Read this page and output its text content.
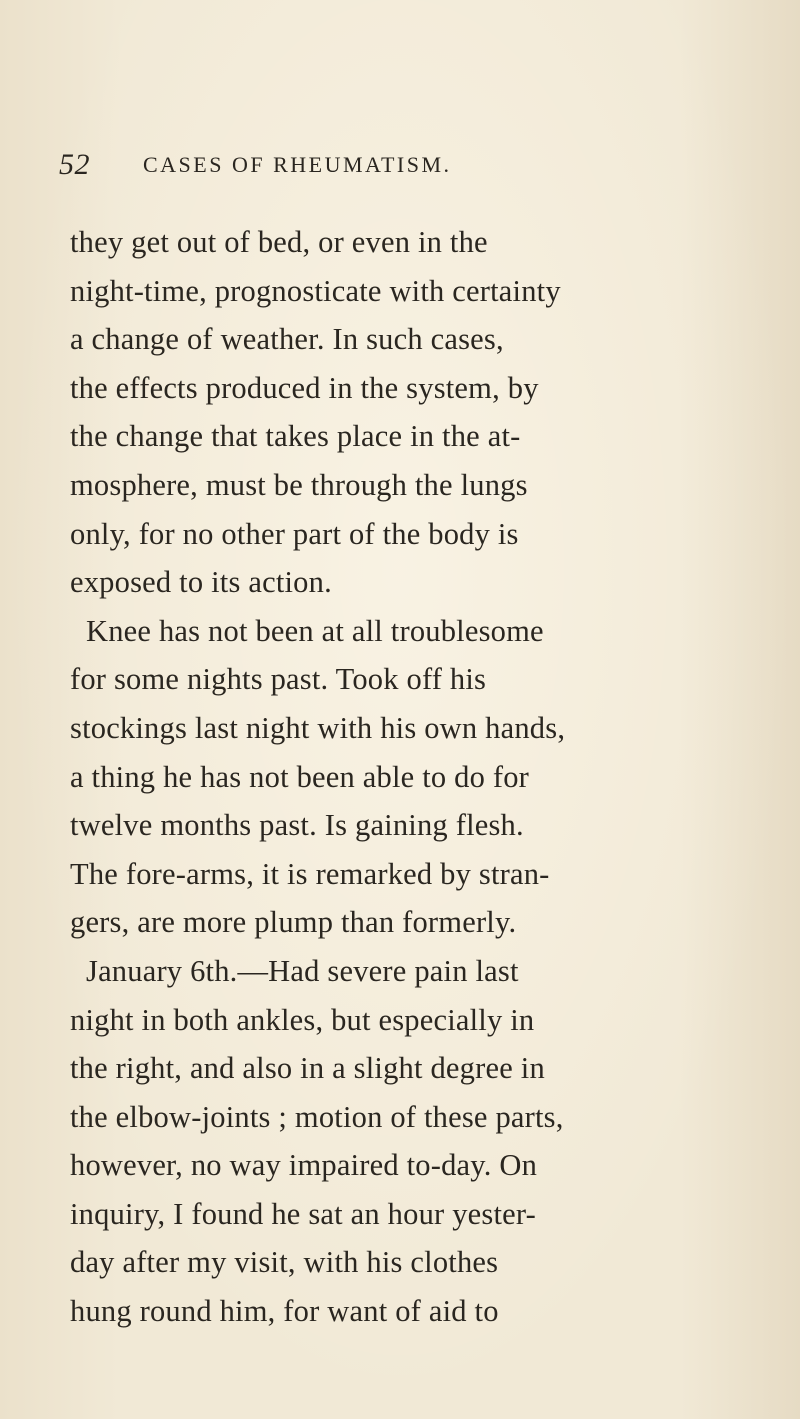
52 CASES OF RHEUMATISM.
they get out of bed, or even in the
night-time, prognosticate with certainty
a change of weather. In such cases,
the effects produced in the system, by
the change that takes place in the at-
mosphere, must be through the lungs
only, for no other part of the body is
exposed to its action.
Knee has not been at all troublesome
for some nights past. Took off his
stockings last night with his own hands,
a thing he has not been able to do for
twelve months past. Is gaining flesh.
The fore-arms, it is remarked by stran-
gers, are more plump than formerly.
January 6th.—Had severe pain last
night in both ankles, but especially in
the right, and also in a slight degree in
the elbow-joints ; motion of these parts,
however, no way impaired to-day. On
inquiry, I found he sat an hour yester-
day after my visit, with his clothes
hung round him, for want of aid to
